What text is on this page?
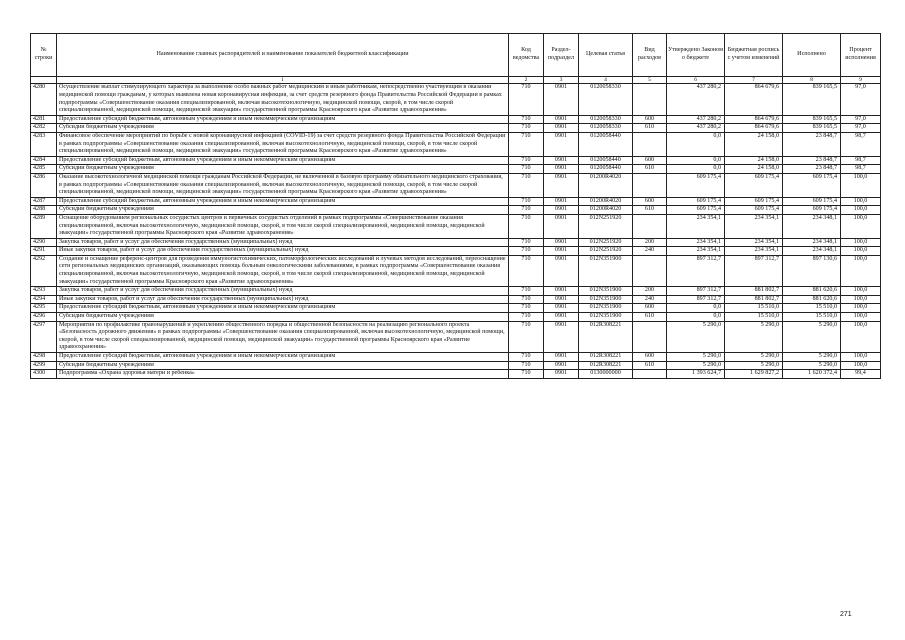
№ строки	Наименование главных распорядителей и наименование показателей бюджетной классификации	Код ведомства	Раздел-подраздел	Целевая статья	Вид расходов	Утверждено Законом о бюджете	Бюджетная роспись с учетом изменений	Исполнено	Процент исполнения
	1	2	3	4	5	6	7	8	9
4280	Осуществление выплат стимулирующего характера за выполнение особо важных работ медицинским и иным работникам, непосредственно участвующим в оказании медицинской помощи гражданам, у которых выявлена новая коронавирусная инфекция, за счет средств резервного фонда Правительства Российской Федерации в рамках подпрограммы «Совершенствование оказания специализированной, включая высокотехнологичную, медицинской помощи, скорой, в том числе скорой специализированной, медицинской помощи, медицинской эвакуации» государственной программы Красноярского края «Развитие здравоохранения»	710	0901	0120058330		437 280,2	864 679,6	839 165,5	97,0
4281	Предоставление субсидий бюджетным, автономным учреждениям и иным некоммерческим организациям	710	0901	0120058330	600	437 280,2	864 679,6	839 165,5	97,0
4282	Субсидии бюджетным учреждениям	710	0901	0120058330	610	437 280,2	864 679,6	839 165,5	97,0
4283	Финансовое обеспечение мероприятий по борьбе с новой коронавирусной инфекцией (COVID-19) за счет средств резервного фонда Правительства Российской Федерации в рамках подпрограммы «Совершенствование оказания специализированной, включая высокотехнологичную, медицинской помощи, скорой, в том числе скорой специализированной, медицинской помощи, медицинской эвакуации» государственной программы Красноярского края «Развитие здравоохранения»	710	0901	0120058440		0,0	24 158,0	23 848,7	98,7
4284	Предоставление субсидий бюджетным, автономным учреждениям и иным некоммерческим организациям	710	0901	0120058440	600	0,0	24 158,0	23 848,7	98,7
4285	Субсидии бюджетным учреждениям	710	0901	0120058440	610	0,0	24 158,0	23 848,7	98,7
4286	Оказание высокотехнологичной медицинской помощи гражданам Российской Федерации, не включенной в базовую программу обязательного медицинского страхования, в рамках подпрограммы «Совершенствование оказания специализированной, включая высокотехнологичную, медицинской помощи, скорой, в том числе скорой специализированной, медицинской помощи, медицинской эвакуации» государственной программы Красноярского края «Развитие здравоохранения»	710	0901	01200R4020		609 175,4	609 175,4	609 175,4	100,0
4287	Предоставление субсидий бюджетным, автономным учреждениям и иным некоммерческим организациям	710	0901	01200R4020	600	609 175,4	609 175,4	609 175,4	100,0
4288	Субсидии бюджетным учреждениям	710	0901	01200R4020	610	609 175,4	609 175,4	609 175,4	100,0
4289	Оснащение оборудованием региональных сосудистых центров и первичных сосудистых отделений в рамках подпрограммы «Совершенствование оказания специализированной, включая высокотехнологичную, медицинской помощи, скорой, в том числе скорой специализированной, медицинской помощи, медицинской эвакуации» государственной программы Красноярского края «Развитие здравоохранения»	710	0901	012N251920		234 354,1	234 354,1	234 348,1	100,0
4290	Закупка товаров, работ и услуг для обеспечения государственных (муниципальных) нужд	710	0901	012N251920	200	234 354,1	234 354,1	234 348,1	100,0
4291	Иные закупки товаров, работ и услуг для обеспечения государственных (муниципальных) нужд	710	0901	012N251920	240	234 354,1	234 354,1	234 348,1	100,0
4292	Создание и оснащение референс-центров для проведения иммуногистохимических, патоморфологических исследований и лучевых методов исследований, переоснащение сети региональных медицинских организаций, оказывающих помощь больным онкологическими заболеваниями, в рамках подпрограммы «Совершенствование оказания специализированной, включая высокотехнологичную, медицинской помощи, скорой, в том числе скорой специализированной, медицинской помощи, медицинской эвакуации» государственной программы Красноярского края «Развитие здравоохранения»	710	0901	012N351900		897 312,7	897 312,7	897 130,6	100,0
4293	Закупка товаров, работ и услуг для обеспечения государственных (муниципальных) нужд	710	0901	012N351900	200	897 312,7	881 802,7	881 620,6	100,0
4294	Иные закупки товаров, работ и услуг для обеспечения государственных (муниципальных) нужд	710	0901	012N351900	240	897 312,7	881 802,7	881 620,6	100,0
4295	Предоставление субсидий бюджетным, автономным учреждениям и иным некоммерческим организациям	710	0901	012N351900	600	0,0	15 510,0	15 510,0	100,0
4296	Субсидии бюджетным учреждениям	710	0901	012N351900	610	0,0	15 510,0	15 510,0	100,0
4297	Мероприятия по профилактике правонарушений и укреплению общественного порядка и общественной безопасности на реализацию регионального проекта «Безопасность дорожного движения» в рамках подпрограммы «Совершенствование оказания специализированной, включая высокотехнологичную, медицинской помощи, скорой, в том числе скорой специализированной, медицинской помощи, медицинской эвакуации» государственной программы Красноярского края «Развитие здравоохранения»	710	0901	012R308221		5 290,0	5 290,0	5 290,0	100,0
4298	Предоставление субсидий бюджетным, автономным учреждениям и иным некоммерческим организациям	710	0901	012R308221	600	5 290,0	5 290,0	5 290,0	100,0
4299	Субсидии бюджетным учреждениям	710	0901	012R308221	610	5 290,0	5 290,0	5 290,0	100,0
4300	Подпрограмма «Охрана здоровья матери и ребенка»	710	0901	0130000000		1 393 624,7	1 629 827,2	1 620 372,4	99,4
271
